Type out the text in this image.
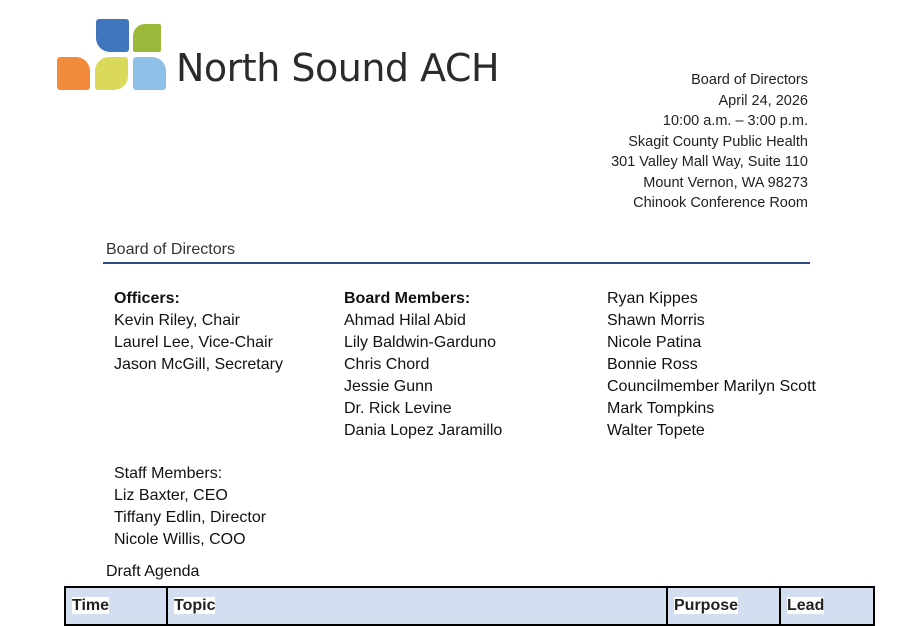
North Sound ACH	Board of Directors
April 24, 2026
10:00 a.m. – 3:00 p.m.
Skagit County Public Health
301 Valley Mall Way, Suite 110
Mount Vernon, WA 98273
Chinook Conference Room
Board of Directors
Officers:
Kevin Riley, Chair
Laurel Lee, Vice-Chair
Jason McGill, Secretary
Board Members:
Ahmad Hilal Abid
Lily Baldwin-Garduno
Chris Chord
Jessie Gunn
Dr. Rick Levine
Dania Lopez Jaramillo
Ryan Kippes
Shawn Morris
Nicole Patina
Bonnie Ross
Councilmember Marilyn Scott
Mark Tompkins
Walter Topete
Staff Members:
Liz Baxter, CEO
Tiffany Edlin, Director
Nicole Willis, COO
Draft Agenda
Time	Topic	Purpose	Lead
